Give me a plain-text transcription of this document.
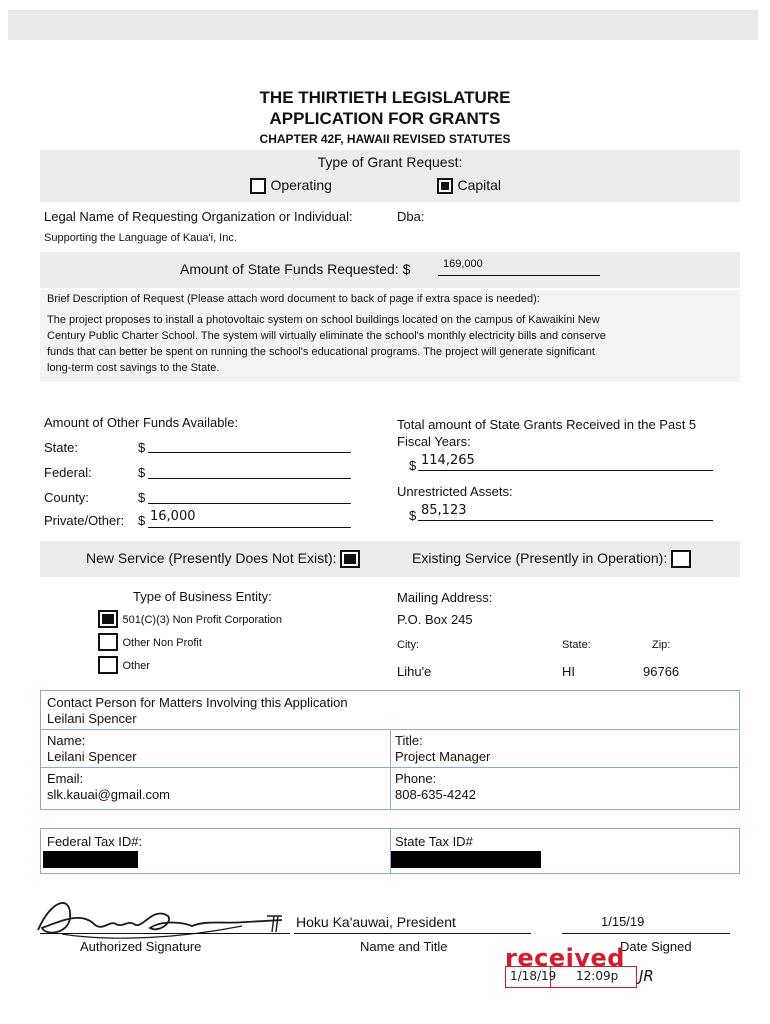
THE THIRTIETH LEGISLATURE
APPLICATION FOR GRANTS
CHAPTER 42F, HAWAII REVISED STATUTES
Type of Grant Request:
Operating	Capital
Legal Name of Requesting Organization or Individual:	Dba:
Supporting the Language of Kaua'i, Inc.
Amount of State Funds Requested: $	169,000
Brief Description of Request (Please attach word document to back of page if extra space is needed):
The project proposes to install a photovoltaic system on school buildings located on the campus of Kawaikini New
Century Public Charter School. The system will virtually eliminate the school's monthly electricity bills and conserve
funds that can better be spent on running the school's educational programs. The project will generate significant
long-term cost savings to the State.
Amount of Other Funds Available:
State:	$
Federal:	$
County:	$
Private/Other: $ 16,000
Total amount of State Grants Received in the Past 5
Fiscal Years:
$ 114,265
Unrestricted Assets:
$ 85,123
New Service (Presently Does Not Exist):	Existing Service (Presently in Operation):
Type of Business Entity:
501(C)(3) Non Profit Corporation
Other Non Profit
Other
Mailing Address:
P.O. Box 245
City:	State:	Zip:
Lihu'e	HI	96766
Contact Person for Matters Involving this Application
Leilani Spencer
Name:
Leilani Spencer
Title:
Project Manager
Email:
slk.kauai@gmail.com
Phone:
808-635-4242
Federal Tax ID#:	State Tax ID#
Authorized Signature
Hoku Ka'auwai, President
Name and Title
1/15/19
Date Signed
received
1/18/19 12:09p JR
